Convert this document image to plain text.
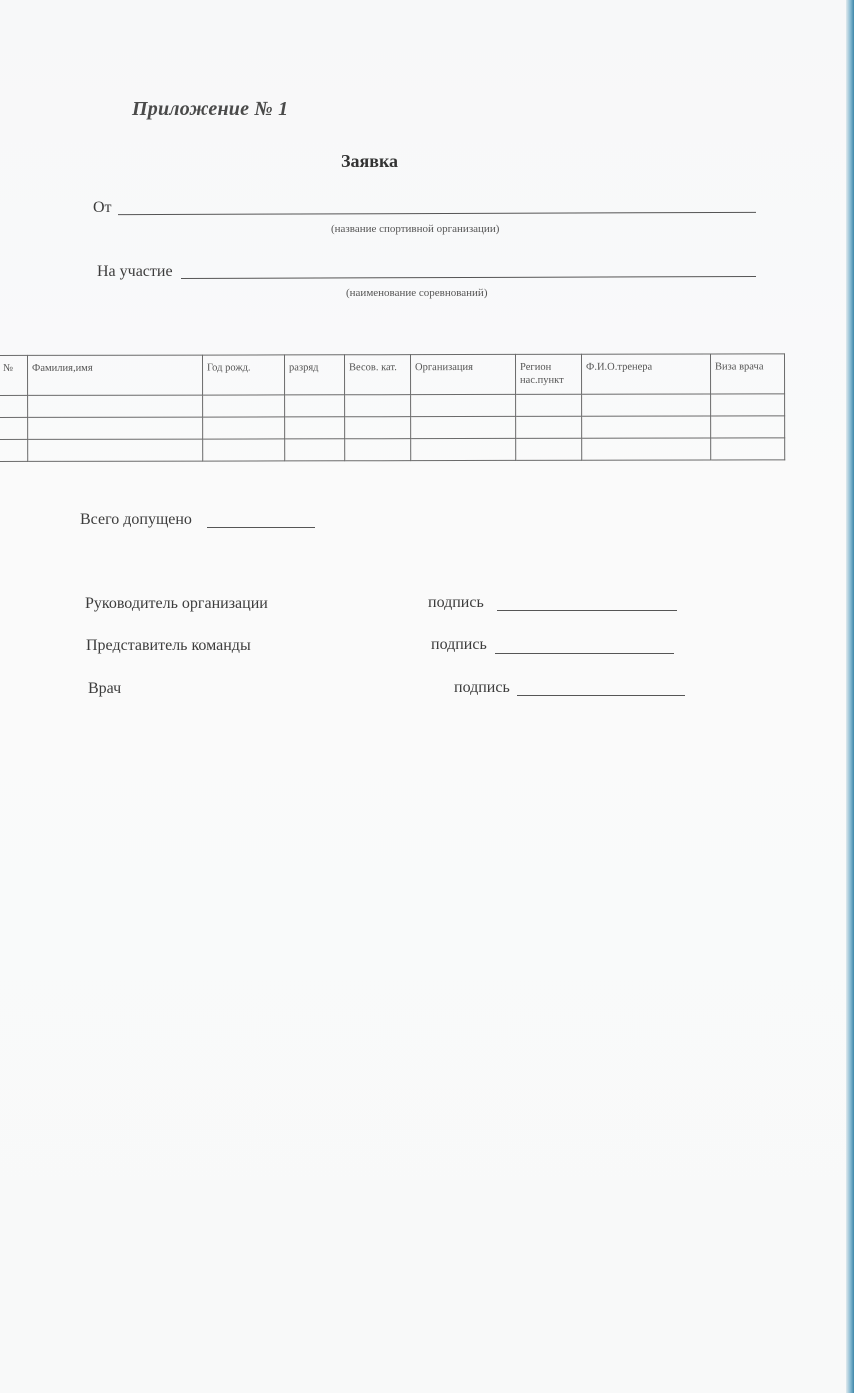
Приложение № 1
Заявка
От
(название спортивной организации)
На участие
(наименование соревнований)
№	Фамилия,имя	Год рожд.	разряд	Весов. кат.	Организация	Регион нас.пункт	Ф.И.О.тренера	Виза врача

Всего допущено
Руководитель организации	подпись
Представитель команды	подпись
Врач	подпись
